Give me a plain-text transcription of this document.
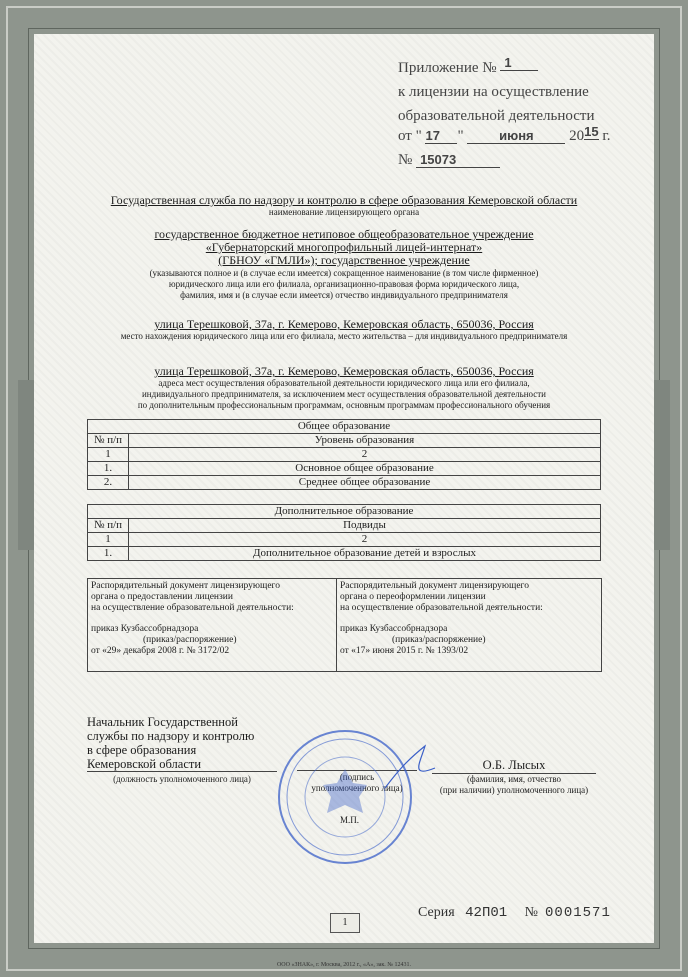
Приложение № 1
к лицензии на осуществление
образовательной деятельности
от " 17 "	июня 2015 г.
№ 15073
Государственная служба по надзору и контролю в сфере образования Кемеровской области
наименование лицензирующего органа
государственное бюджетное нетиповое общеобразовательное учреждение
«Губернаторский многопрофильный лицей-интернат»
(ГБНОУ «ГМЛИ»); государственное учреждение
(указываются полное и (в случае если имеется) сокращенное наименование (в том числе фирменное)
юридического лица или его филиала, организационно-правовая форма юридического лица,
фамилия, имя и (в случае если имеется) отчество индивидуального предпринимателя
улица Терешковой, 37а, г. Кемерово, Кемеровская область, 650036, Россия
место нахождения юридического лица или его филиала, место жительства – для индивидуального предпринимателя
улица Терешковой, 37а, г. Кемерово, Кемеровская область, 650036, Россия
адреса мест осуществления образовательной деятельности юридического лица или его филиала,
индивидуального предпринимателя, за исключением мест осуществления образовательной деятельности
по дополнительным профессиональным программам, основным программам профессионального обучения
Общее образование	
№ п/п	Уровень образования
1	2
1.	Основное общее образование
2.	Среднее общее образование
Дополнительное образование	
№ п/п	Подвиды
1	2
1.	Дополнительное образование детей и взрослых
Распорядительный документ лицензирующего
органа о предоставлении лицензии
на осуществление образовательной деятельности:
приказ Кузбассобрнадзора
(приказ/распоряжение)
от «29» декабря 2008 г. № 3172/02
Распорядительный документ лицензирующего
органа о переоформлении лицензии
на осуществление образовательной деятельности:
приказ Кузбассобрнадзора
(приказ/распоряжение)
от «17» июня 2015 г. № 1393/02
Начальник Государственной
службы по надзору и контролю
в сфере образования
Кемеровской области
(должность уполномоченного лица)	(подпись
уполномоченного лица)
М.П.
О.Б. Лысых
(фамилия, имя, отчество
(при наличии) уполномоченного лица)
Серия 42П01 № 0001571
1
ООО «ЗНАК», г. Москва, 2012 г., «А», зак. № 12431.
